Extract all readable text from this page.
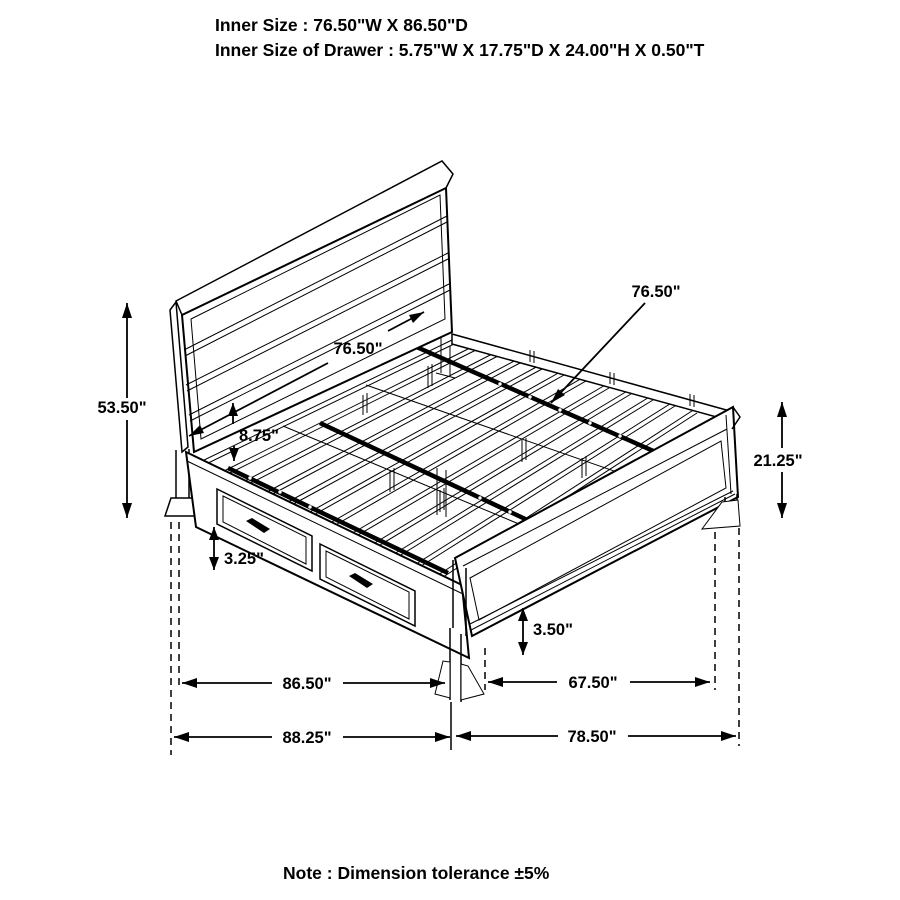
53.50"
76.50"
8.75"
76.50"
21.25"
3.25"
3.50"
86.50"	67.50"
88.25"	78.50"
Inner Size : 76.50"W X 86.50"D
Inner Size of Drawer : 5.75"W X 17.75"D X 24.00"H X 0.50"T
Note : Dimension tolerance ±5%
